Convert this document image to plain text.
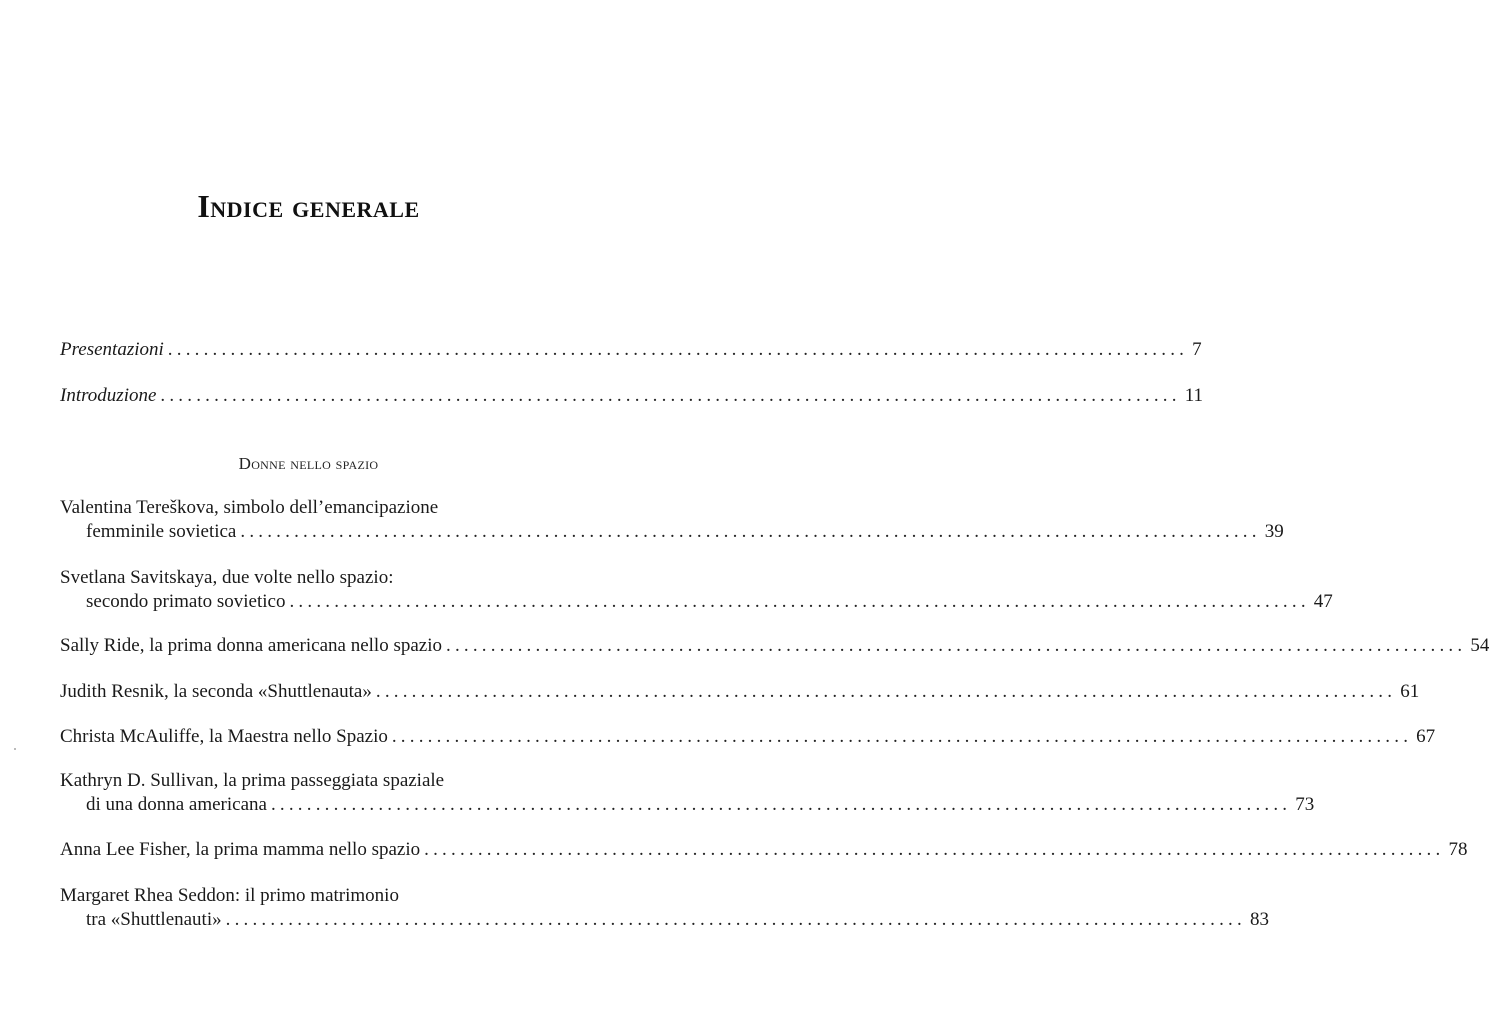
Indice generale
Presentazioni .................................................................................................................. 7
Introduzione .................................................................................................................. 11
Valentina Tereškova, simbolo dell’emancipazione
femminile sovietica .................................................................................................................. 39
Svetlana Savitskaya, due volte nello spazio:
secondo primato sovietico .................................................................................................................. 47
Sally Ride, la prima donna americana nello spazio .................................................................................................................. 54
Judith Resnik, la seconda «Shuttlenauta» .................................................................................................................. 61
Christa McAuliffe, la Maestra nello Spazio .................................................................................................................. 67
Kathryn D. Sullivan, la prima passeggiata spaziale
di una donna americana .................................................................................................................. 73
Anna Lee Fisher, la prima mamma nello spazio .................................................................................................................. 78
Margaret Rhea Seddon: il primo matrimonio
tra «Shuttlenauti» .................................................................................................................. 83
Donne nello spazio
